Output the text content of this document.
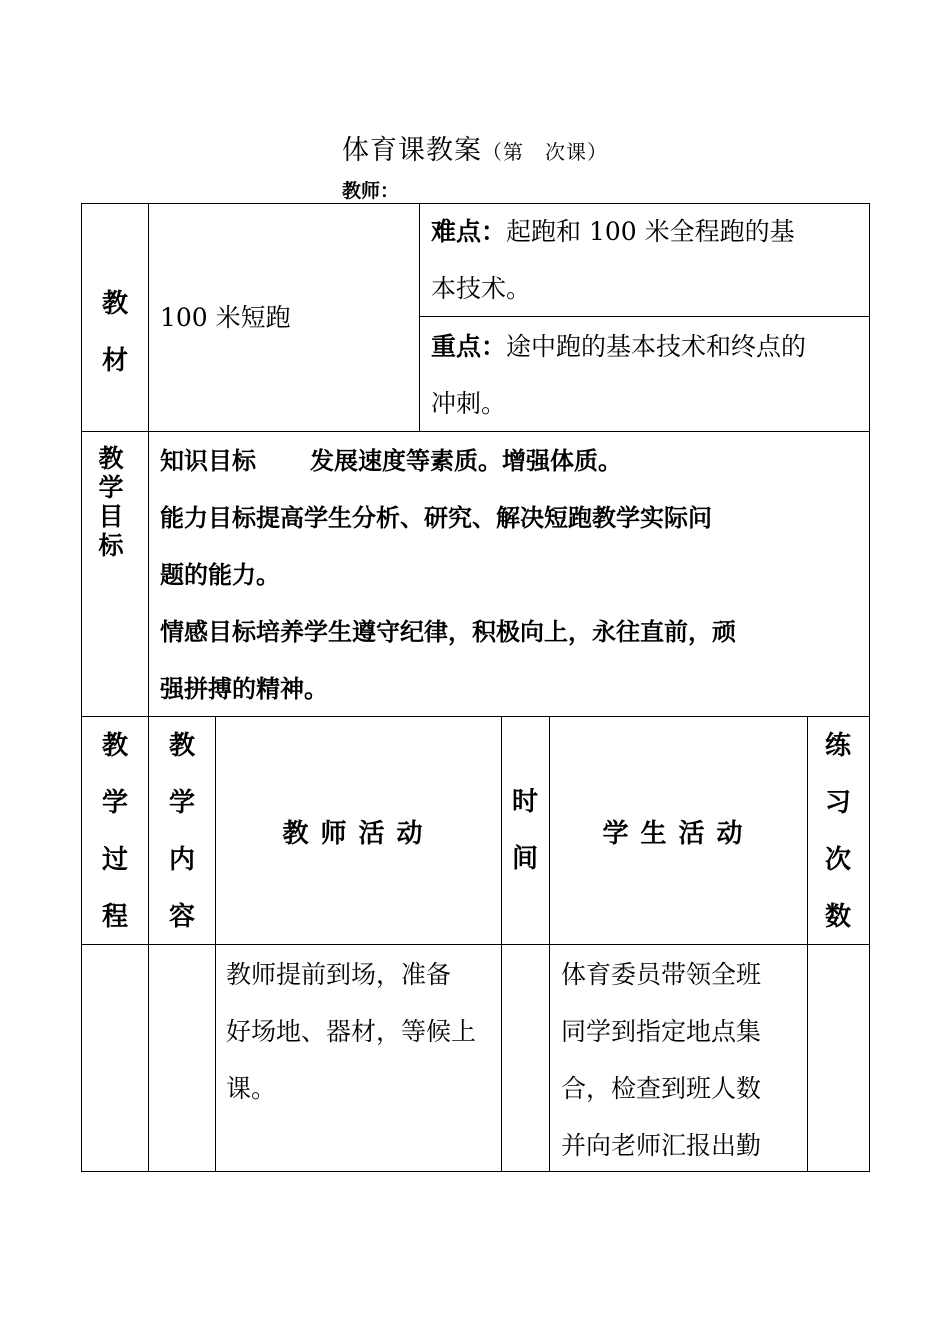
体育课教案（第　次课）
教师：
教
材
100 米短跑
难点：起跑和 100 米全程跑的基
本技术。
重点：途中跑的基本技术和终点的
冲刺。
教
学
目
标
知识目标 发展速度等素质。增强体质。
能力目标提高学生分析、研究、解决短跑教学实际问
题的能力。
情感目标培养学生遵守纪律，积极向上，永往直前，顽
强拼搏的精神。
教
学
过
程
教
学
内
容
教师活动
时
间
学生活动
练
习
次
数
教师提前到场，准备
好场地、器材，等候上
课。
体育委员带领全班
同学到指定地点集
合，检查到班人数
并向老师汇报出勤
